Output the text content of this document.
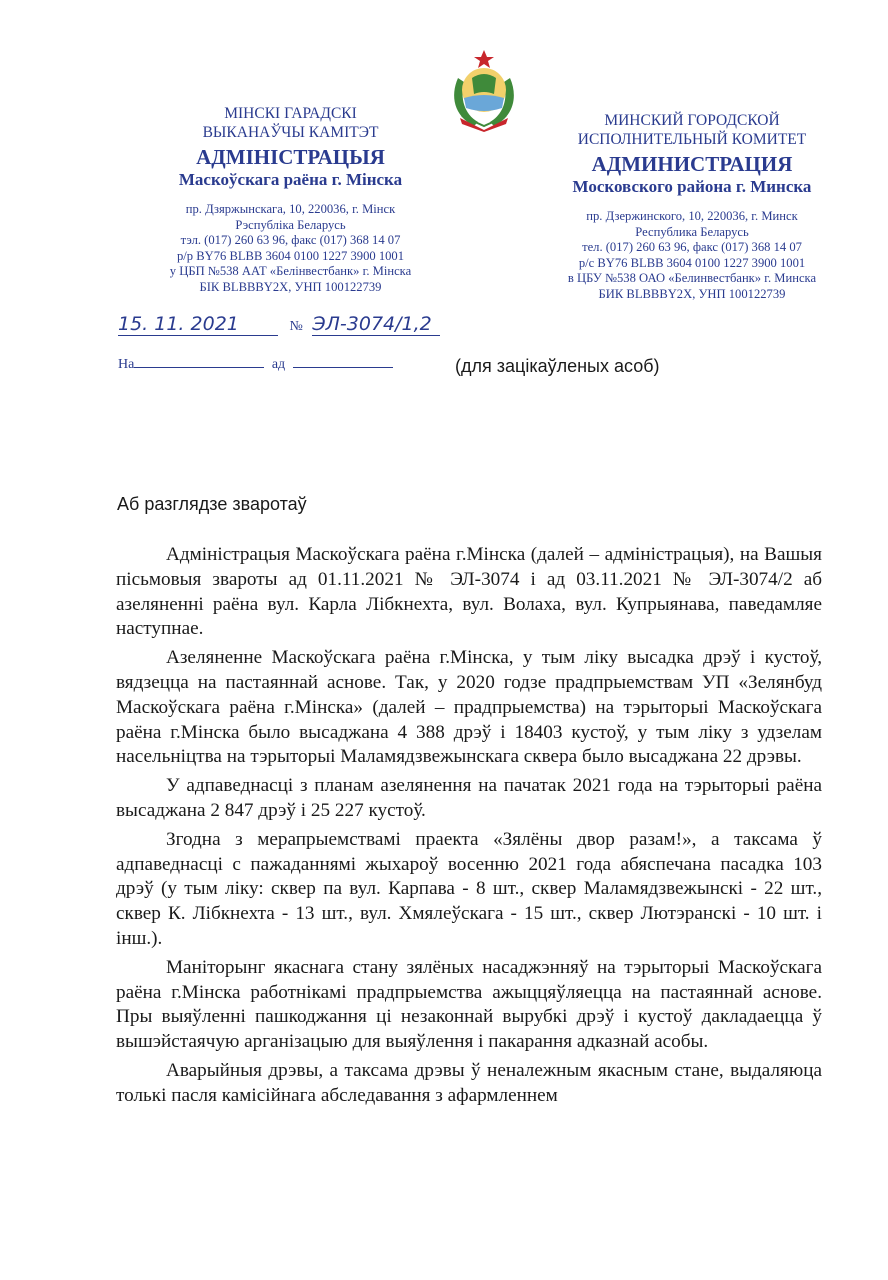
МІНСКІ ГАРАДСКІ
ВЫКАНАЎЧЫ КАМІТЭТ
АДМІНІСТРАЦЫЯ
Маскоўскага раёна г. Мінска
пр. Дзяржынскага, 10, 220036, г. Мінск
Рэспубліка Беларусь
тэл. (017) 260 63 96, факс (017) 368 14 07
р/р BY76 BLBB 3604 0100 1227 3900 1001
у ЦБП №538 ААТ «Белінвестбанк» г. Мінска
БІК BLBBBY2X, УНП 100122739
МИНСКИЙ ГОРОДСКОЙ
ИСПОЛНИТЕЛЬНЫЙ КОМИТЕТ
АДМИНИСТРАЦИЯ
Московского района г. Минска
пр. Дзержинского, 10, 220036, г. Минск
Республика Беларусь
тел. (017) 260 63 96, факс (017) 368 14 07
р/с BY76 BLBB 3604 0100 1227 3900 1001
в ЦБУ №538 ОАО «Белинвестбанк» г. Минска
БИК BLBBBY2X, УНП 100122739
15. 11. 2021	№ ЭЛ-3074/1,2
На	ад	(для зацікаўленых асоб)
Аб разглядзе зваротаў

Адміністрацыя Маскоўскага раёна г.Мінска (далей – адміністрацыя), на Вашыя пісьмовыя звароты ад 01.11.2021 № ЭЛ-3074 і ад 03.11.2021 № ЭЛ-3074/2 аб азеляненні раёна вул. Карла Лібкнехта, вул. Волаха, вул. Купрыянава, паведамляе наступнае.

Азеляненне Маскоўскага раёна г.Мінска, у тым ліку высадка дрэў і кустоў, вядзецца на пастаяннай аснове. Так, у 2020 годзе прадпрыемствам УП «Зелянбуд Маскоўскага раёна г.Мінска» (далей – прадпрыемства) на тэрыторыі Маскоўскага раёна г.Мінска было высаджана 4 388 дрэў і 18403 кустоў, у тым ліку з удзелам насельніцтва на тэрыторыі Маламядзвежынскага сквера было высаджана 22 дрэвы.

У адпаведнасці з планам азелянення на пачатак 2021 года на тэрыторыі раёна высаджана 2 847 дрэў і 25 227 кустоў.

Згодна з мерапрыемствамі праекта «Зялёны двор разам!», а таксама ў адпаведнасці с пажаданнямі жыхароў восенню 2021 года абяспечана пасадка 103 дрэў (у тым ліку: сквер па вул. Карпава - 8 шт., сквер Маламядзвежынскі - 22 шт., сквер К. Лібкнехта - 13 шт., вул. Хмялеўскага - 15 шт., сквер Лютэранскі - 10 шт. і інш.).

Маніторынг якаснага стану зялёных насаджэнняў на тэрыторыі Маскоўскага раёна г.Мінска работнікамі прадпрыемства ажыццяўляецца на пастаяннай аснове. Пры выяўленні пашкоджання ці незаконнай вырубкі дрэў і кустоў дакладаецца ў вышэйстаячую арганізацыю для выяўлення і пакарання адказнай асобы.

Аварыйныя дрэвы, а таксама дрэвы ў неналежным якасным стане, выдаляюца толькі пасля камісійнага абследавання з афармленнем
